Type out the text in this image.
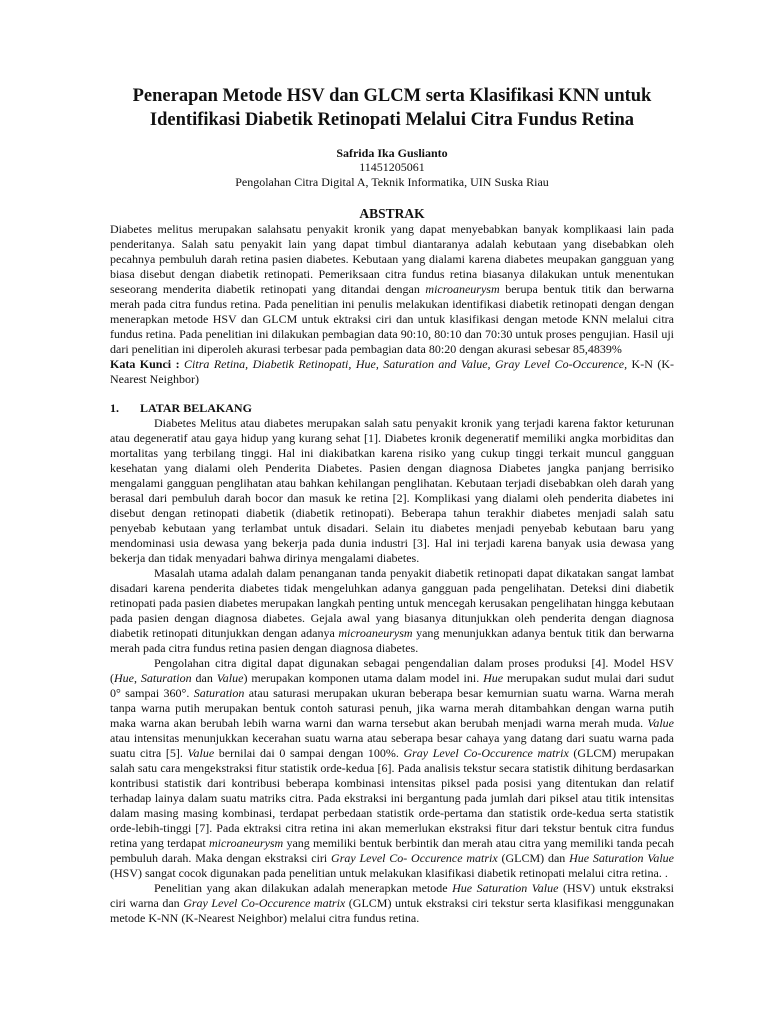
Penerapan Metode HSV dan GLCM serta Klasifikasi KNN untuk Identifikasi Diabetik Retinopati Melalui Citra Fundus Retina
Safrida Ika Guslianto
11451205061
Pengolahan Citra Digital A, Teknik Informatika, UIN Suska Riau
ABSTRAK

Diabetes melitus merupakan salahsatu penyakit kronik yang dapat menyebabkan banyak komplikaasi lain pada penderitanya. Salah satu penyakit lain yang dapat timbul diantaranya adalah kebutaan yang disebabkan oleh pecahnya pembuluh darah retina pasien diabetes. Kebutaan yang dialami karena diabetes meupakan gangguan yang biasa disebut dengan diabetik retinopati. Pemeriksaan citra fundus retina biasanya dilakukan untuk menentukan seseorang menderita diabetik retinopati yang ditandai dengan microaneurysm berupa bentuk titik dan berwarna merah pada citra fundus retina. Pada penelitian ini penulis melakukan identifikasi diabetik retinopati dengan dengan menerapkan metode HSV dan GLCM untuk ektraksi ciri dan untuk klasifikasi dengan metode KNN melalui citra fundus retina. Pada penelitian ini dilakukan pembagian data 90:10, 80:10 dan 70:30 untuk proses pengujian. Hasil uji dari penelitian ini diperoleh akurasi terbesar pada pembagian data 80:20 dengan akurasi sebesar 85,4839%

Kata Kunci : Citra Retina, Diabetik Retinopati, Hue, Saturation and Value, Gray Level Co-Occurence, K-N (K-Nearest Neighbor)

1. LATAR BELAKANG

Diabetes Melitus atau diabetes merupakan salah satu penyakit kronik yang terjadi karena faktor keturunan atau degeneratif atau gaya hidup yang kurang sehat [1]. Diabetes kronik degeneratif memiliki angka morbiditas dan mortalitas yang terbilang tinggi. Hal ini diakibatkan karena risiko yang cukup tinggi terkait muncul gangguan kesehatan yang dialami oleh Penderita Diabetes. Pasien dengan diagnosa Diabetes jangka panjang berrisiko mengalami gangguan penglihatan atau bahkan kehilangan penglihatan. Kebutaan terjadi disebabkan oleh darah yang berasal dari pembuluh darah bocor dan masuk ke retina [2]. Komplikasi yang dialami oleh penderita diabetes ini disebut dengan retinopati diabetik (diabetik retinopati). Beberapa tahun terakhir diabetes menjadi salah satu penyebab kebutaan yang terlambat untuk disadari. Selain itu diabetes menjadi penyebab kebutaan baru yang mendominasi usia dewasa yang bekerja pada dunia industri [3]. Hal ini terjadi karena banyak usia dewasa yang bekerja dan tidak menyadari bahwa dirinya mengalami diabetes.

Masalah utama adalah dalam penanganan tanda penyakit diabetik retinopati dapat dikatakan sangat lambat disadari karena penderita diabetes tidak mengeluhkan adanya gangguan pada pengelihatan. Deteksi dini diabetik retinopati pada pasien diabetes merupakan langkah penting untuk mencegah kerusakan pengelihatan hingga kebutaan pada pasien dengan diagnosa diabetes. Gejala awal yang biasanya ditunjukkan oleh penderita dengan diagnosa diabetik retinopati ditunjukkan dengan adanya microaneurysm yang menunjukkan adanya bentuk titik dan berwarna merah pada citra fundus retina pasien dengan diagnosa diabetes.

Pengolahan citra digital dapat digunakan sebagai pengendalian dalam proses produksi [4]. Model HSV (Hue, Saturation dan Value) merupakan komponen utama dalam model ini. Hue merupakan sudut mulai dari sudut 0° sampai 360°. Saturation atau saturasi merupakan ukuran beberapa besar kemurnian suatu warna. Warna merah tanpa warna putih merupakan bentuk contoh saturasi penuh, jika warna merah ditambahkan dengan warna putih maka warna akan berubah lebih warna warni dan warna tersebut akan berubah menjadi warna merah muda. Value atau intensitas menunjukkan kecerahan suatu warna atau seberapa besar cahaya yang datang dari suatu warna pada suatu citra [5]. Value bernilai dai 0 sampai dengan 100%. Gray Level Co-Occurence matrix (GLCM) merupakan salah satu cara mengekstraksi fitur statistik orde-kedua [6]. Pada analisis tekstur secara statistik dihitung berdasarkan kontribusi statistik dari kontribusi beberapa kombinasi intensitas piksel pada posisi yang ditentukan dan relatif terhadap lainya dalam suatu matriks citra. Pada ekstraksi ini bergantung pada jumlah dari piksel atau titik intensitas dalam masing masing kombinasi, terdapat perbedaan statistik orde-pertama dan statistik orde-kedua serta statistik orde-lebih-tinggi [7]. Pada ektraksi citra retina ini akan memerlukan ekstraksi fitur dari tekstur bentuk citra fundus retina yang terdapat microaneurysm yang memiliki bentuk berbintik dan merah atau citra yang memiliki tanda pecah pembuluh darah. Maka dengan ekstraksi ciri Gray Level Co- Occurence matrix (GLCM) dan Hue Saturation Value (HSV) sangat cocok digunakan pada penelitian untuk melakukan klasifikasi diabetik retinopati melalui citra retina. .

Penelitian yang akan dilakukan adalah menerapkan metode Hue Saturation Value (HSV) untuk ekstraksi ciri warna dan Gray Level Co-Occurence matrix (GLCM) untuk ekstraksi ciri tekstur serta klasifikasi menggunakan metode K-NN (K-Nearest Neighbor) melalui citra fundus retina.
